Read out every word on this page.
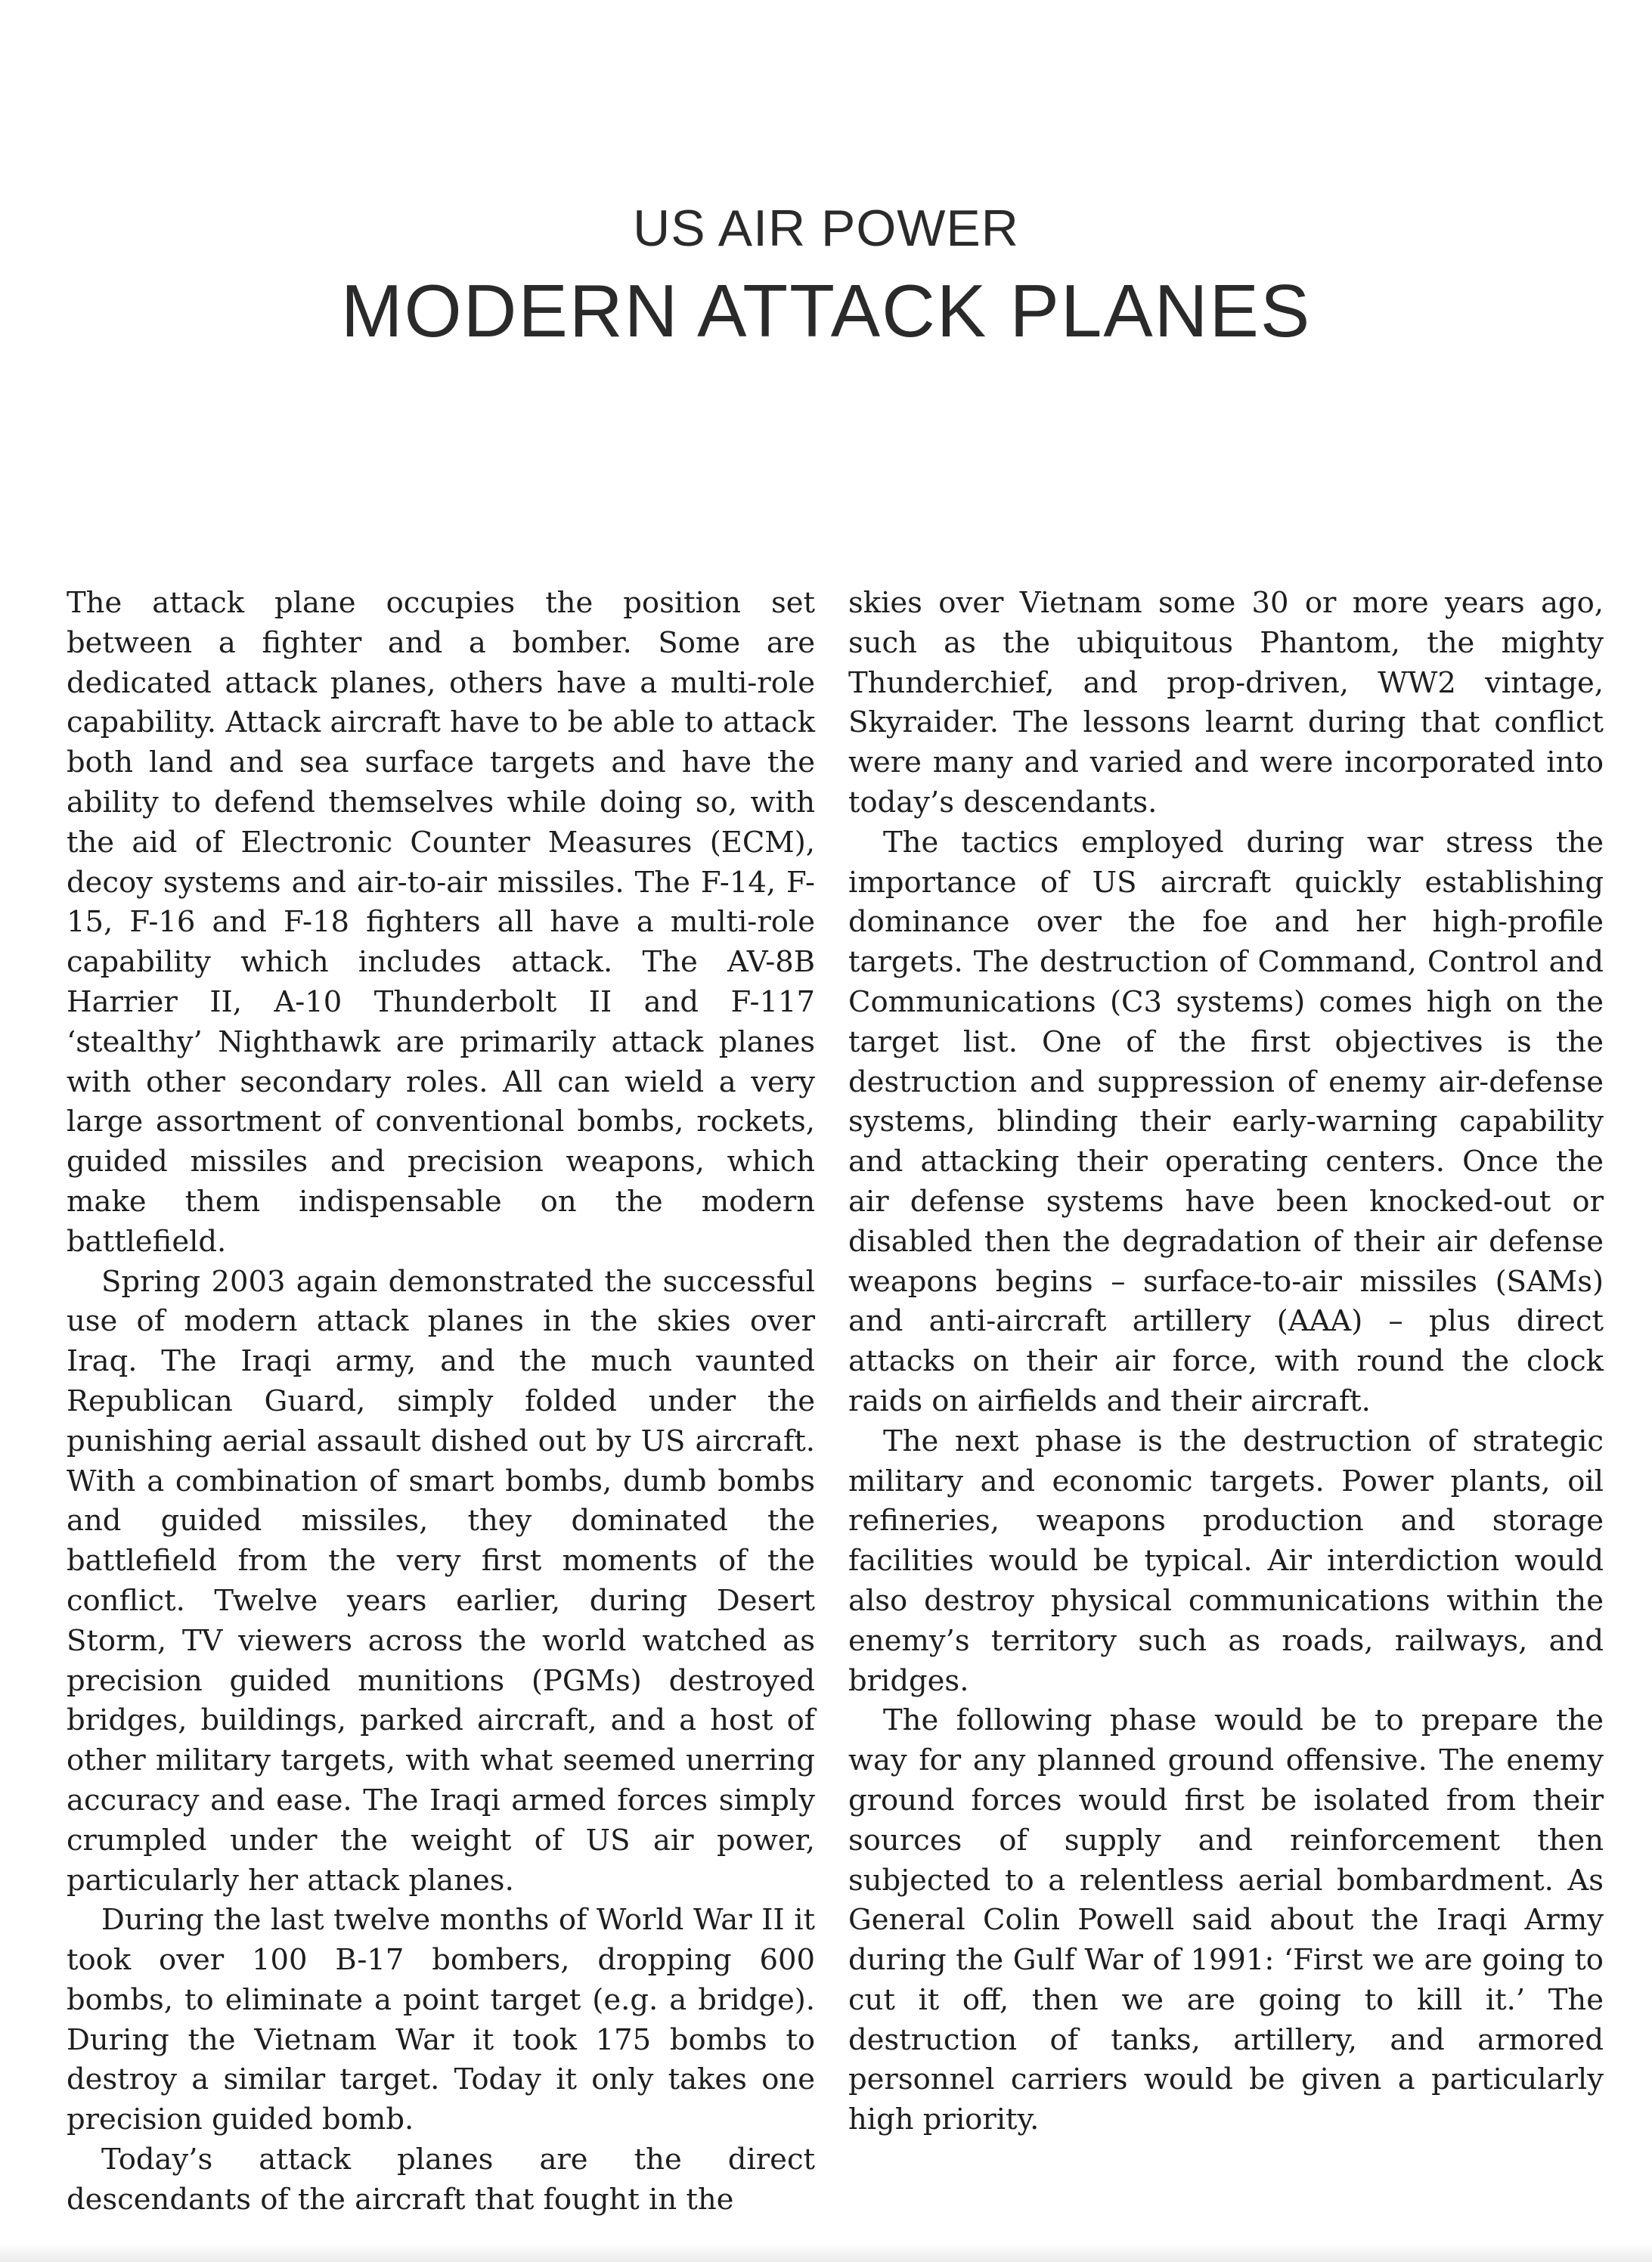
US AIR POWER
MODERN ATTACK PLANES

The attack plane occupies the position set between a fighter and a bomber. Some are dedicated attack planes, others have a multi-role capability. Attack aircraft have to be able to attack both land and sea surface targets and have the ability to defend themselves while doing so, with the aid of Electronic Counter Measures (ECM), decoy systems and air-to-air missiles. The F-14, F-15, F-16 and F-18 fighters all have a multi-role capability which includes attack. The AV-8B Harrier II, A-10 Thunderbolt II and F-117 ‘stealthy’ Nighthawk are primarily attack planes with other secondary roles. All can wield a very large assortment of conventional bombs, rockets, guided missiles and precision weapons, which make them indispensable on the modern battlefield.

Spring 2003 again demonstrated the successful use of modern attack planes in the skies over Iraq. The Iraqi army, and the much vaunted Republican Guard, simply folded under the punishing aerial assault dished out by US aircraft. With a combination of smart bombs, dumb bombs and guided missiles, they dominated the battlefield from the very first moments of the conflict. Twelve years earlier, during Desert Storm, TV viewers across the world watched as precision guided munitions (PGMs) destroyed bridges, buildings, parked aircraft, and a host of other military targets, with what seemed unerring accuracy and ease. The Iraqi armed forces simply crumpled under the weight of US air power, particularly her attack planes.

During the last twelve months of World War II it took over 100 B-17 bombers, dropping 600 bombs, to eliminate a point target (e.g. a bridge). During the Vietnam War it took 175 bombs to destroy a similar target. Today it only takes one precision guided bomb.

Today’s attack planes are the direct descendants of the aircraft that fought in the

skies over Vietnam some 30 or more years ago, such as the ubiquitous Phantom, the mighty Thunderchief, and prop-driven, WW2 vintage, Skyraider. The lessons learnt during that conflict were many and varied and were incorporated into today’s descendants.

The tactics employed during war stress the importance of US aircraft quickly establishing dominance over the foe and her high-profile targets. The destruction of Command, Control and Communications (C3 systems) comes high on the target list. One of the first objectives is the destruction and suppression of enemy air-defense systems, blinding their early-warning capability and attacking their operating centers. Once the air defense systems have been knocked-out or disabled then the degradation of their air defense weapons begins – surface-to-air missiles (SAMs) and anti-aircraft artillery (AAA) – plus direct attacks on their air force, with round the clock raids on airfields and their aircraft.

The next phase is the destruction of strategic military and economic targets. Power plants, oil refineries, weapons production and storage facilities would be typical. Air interdiction would also destroy physical communications within the enemy’s territory such as roads, railways, and bridges.

The following phase would be to prepare the way for any planned ground offensive. The enemy ground forces would first be isolated from their sources of supply and reinforcement then subjected to a relentless aerial bombardment. As General Colin Powell said about the Iraqi Army during the Gulf War of 1991: ‘First we are going to cut it off, then we are going to kill it.’ The destruction of tanks, artillery, and armored personnel carriers would be given a particularly high priority.
